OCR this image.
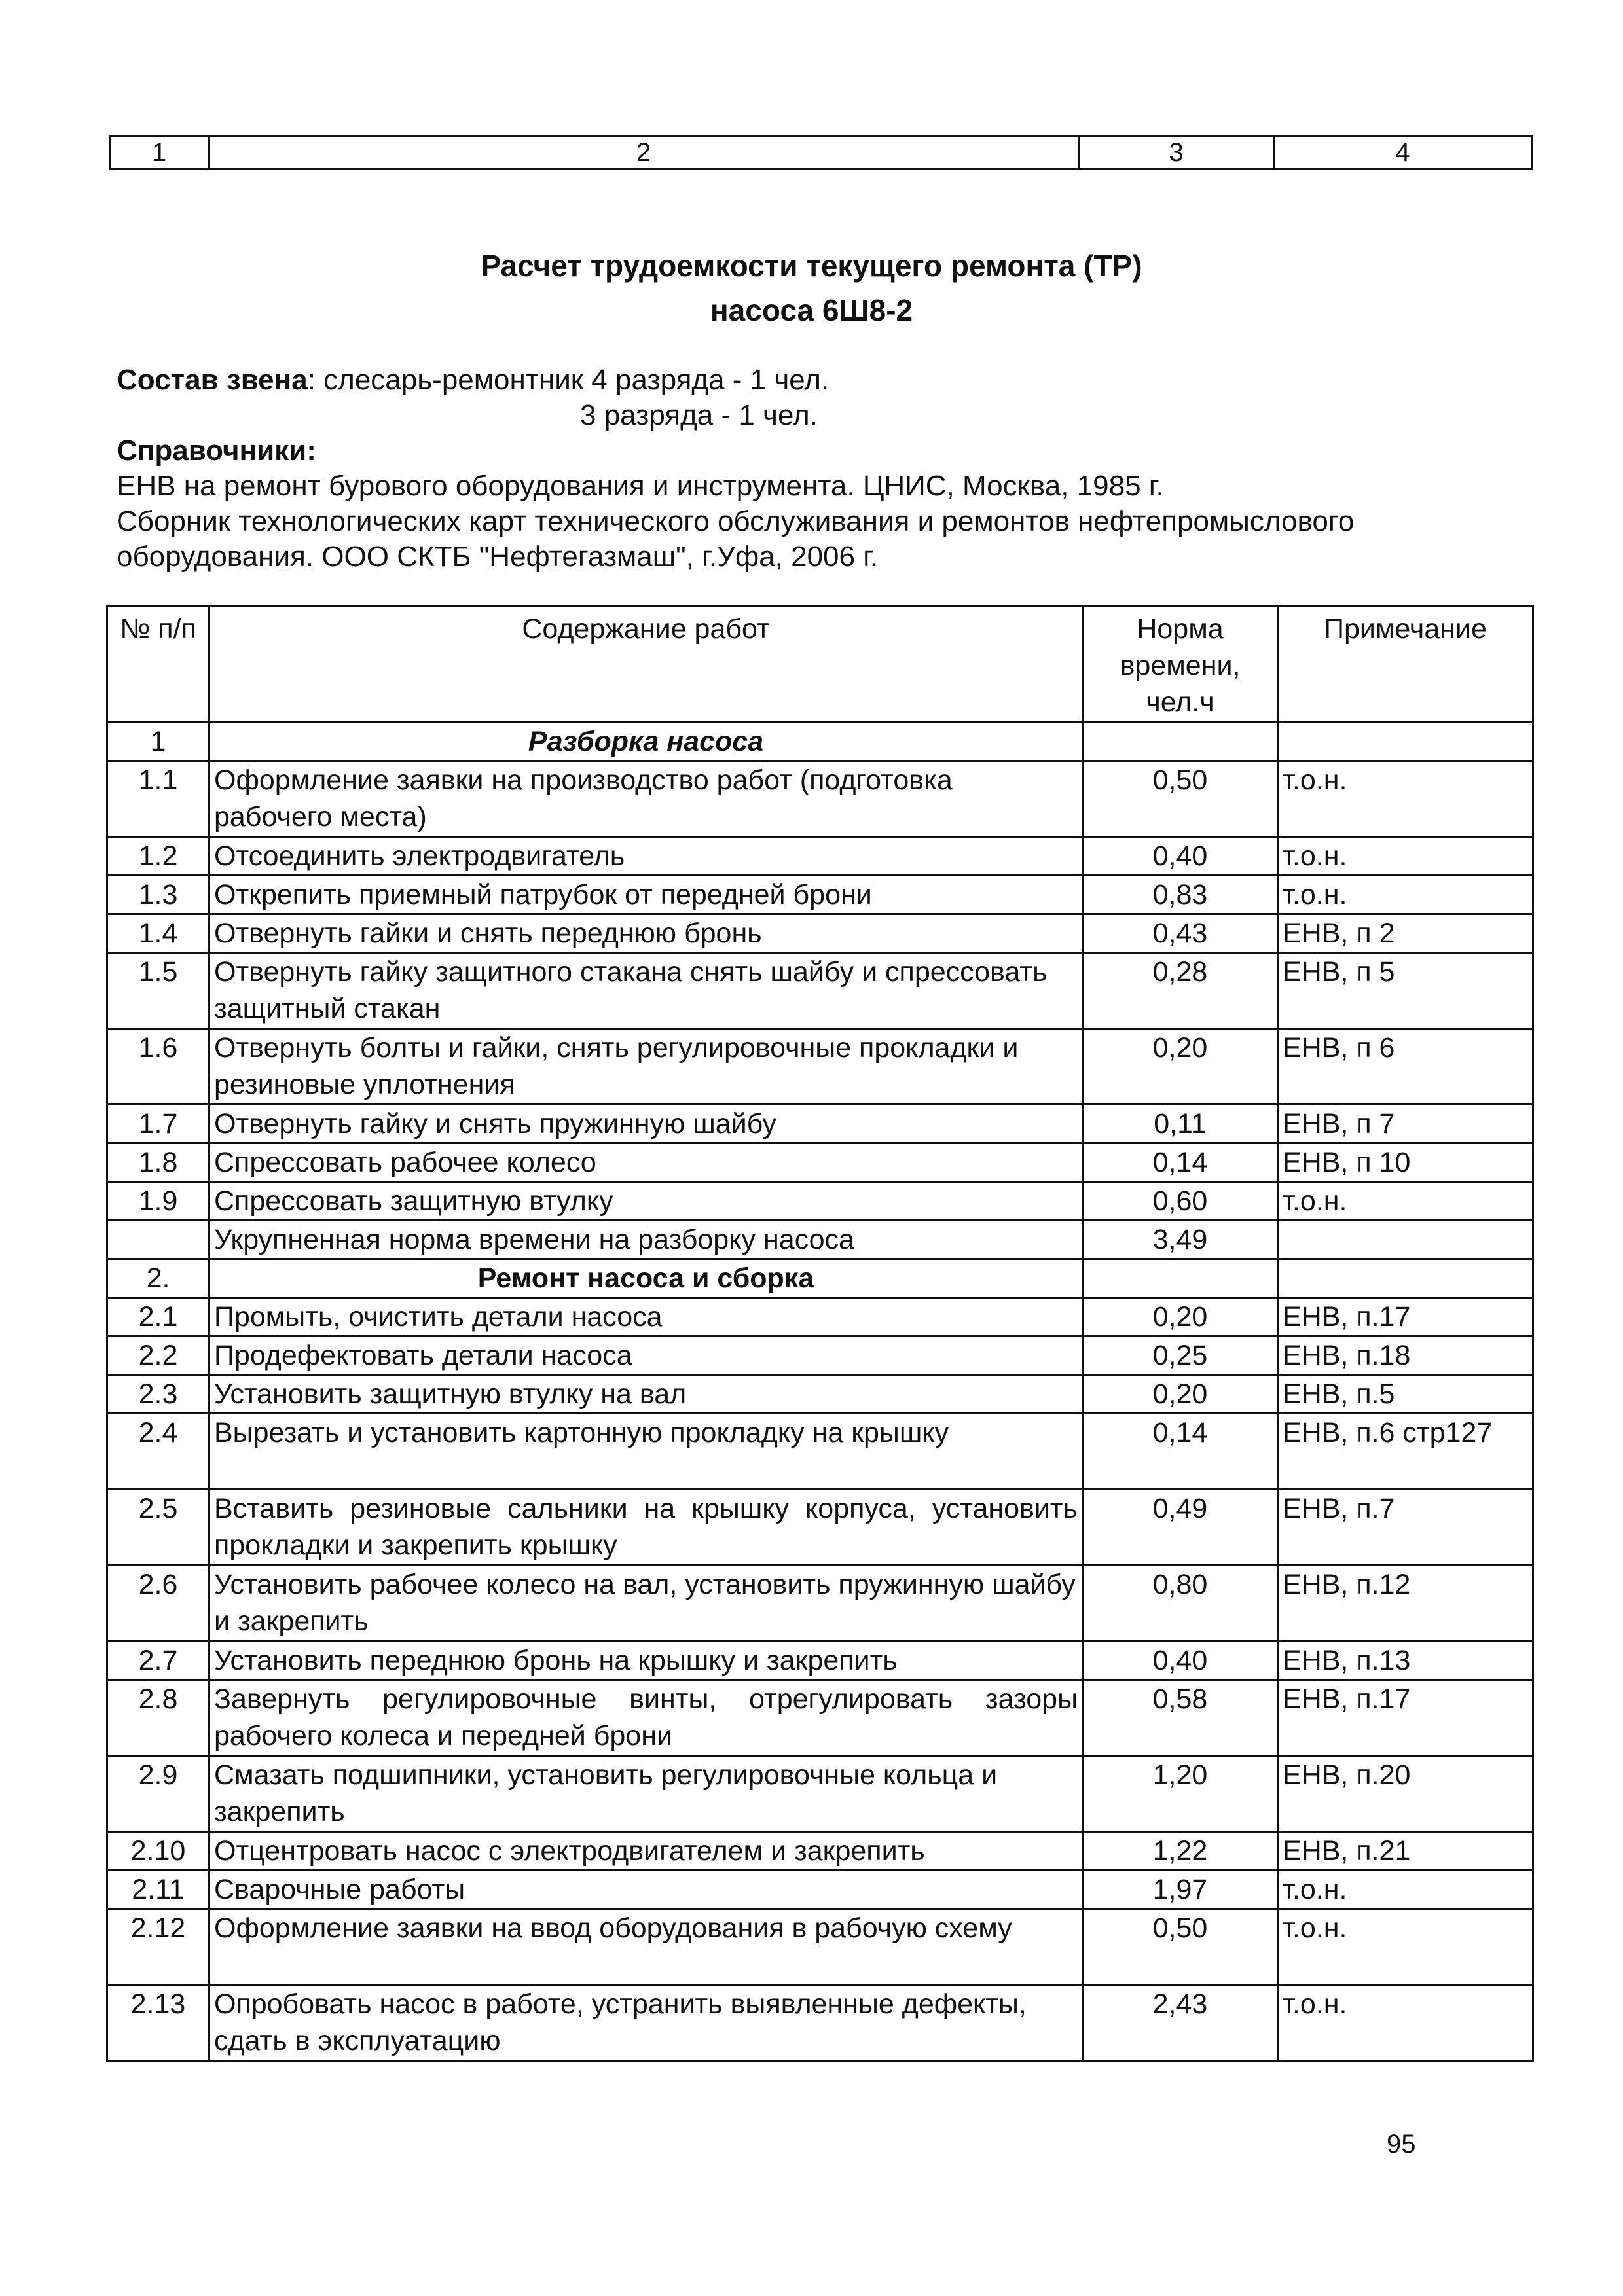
1	2	3	4
Расчет трудоемкости текущего ремонта (ТР)
насоса 6Ш8-2

Состав звена: слесарь-ремонтник 4 разряда - 1 чел.

3 разряда - 1 чел.

Справочники:

ЕНВ на ремонт бурового оборудования и инструмента. ЦНИС, Москва, 1985 г.

Сборник технологических карт технического обслуживания и ремонтов нефтепромыслового

оборудования. ООО СКТБ "Нефтегазмаш", г.Уфа, 2006 г.

№ п/п	Содержание работ	Норма времени, чел.ч	Примечание
1	Разборка насоса		
1.1	Оформление заявки на производство работ (подготовка рабочего места)	0,50	т.о.н.
1.2	Отсоединить электродвигатель	0,40	т.о.н.
1.3	Открепить приемный патрубок от передней брони	0,83	т.о.н.
1.4	Отвернуть гайки и снять переднюю бронь	0,43	ЕНВ, п 2
1.5	Отвернуть гайку защитного стакана снять шайбу и спрессовать защитный стакан	0,28	ЕНВ, п 5
1.6	Отвернуть болты и гайки, снять регулировочные прокладки и резиновые уплотнения	0,20	ЕНВ, п 6
1.7	Отвернуть гайку и снять пружинную шайбу	0,11	ЕНВ, п 7
1.8	Спрессовать рабочее колесо	0,14	ЕНВ, п 10
1.9	Спрессовать защитную втулку	0,60	т.о.н.
	Укрупненная норма времени на разборку насоса	3,49	
2.	Ремонт насоса и сборка		
2.1	Промыть, очистить детали насоса	0,20	ЕНВ, п.17
2.2	Продефектовать детали насоса	0,25	ЕНВ, п.18
2.3	Установить защитную втулку на вал	0,20	ЕНВ, п.5
2.4	Вырезать и установить картонную прокладку на крышку	0,14	ЕНВ, п.6 стр127
2.5	Вставить резиновые сальники на крышку корпуса, установить прокладки и закрепить крышку	0,49	ЕНВ, п.7
2.6	Установить рабочее колесо на вал, установить пружинную шайбу и закрепить	0,80	ЕНВ, п.12
2.7	Установить переднюю бронь на крышку и закрепить	0,40	ЕНВ, п.13
2.8	Завернуть регулировочные винты, отрегулировать зазоры рабочего колеса и передней брони	0,58	ЕНВ, п.17
2.9	Смазать подшипники, установить регулировочные кольца и закрепить	1,20	ЕНВ, п.20
2.10	Отцентровать насос с электродвигателем и закрепить	1,22	ЕНВ, п.21
2.11	Сварочные работы	1,97	т.о.н.
2.12	Оформление заявки на ввод оборудования в рабочую схему	0,50	т.о.н.
2.13	Опробовать насос в работе, устранить выявленные дефекты, сдать в эксплуатацию	2,43	т.о.н.
95
